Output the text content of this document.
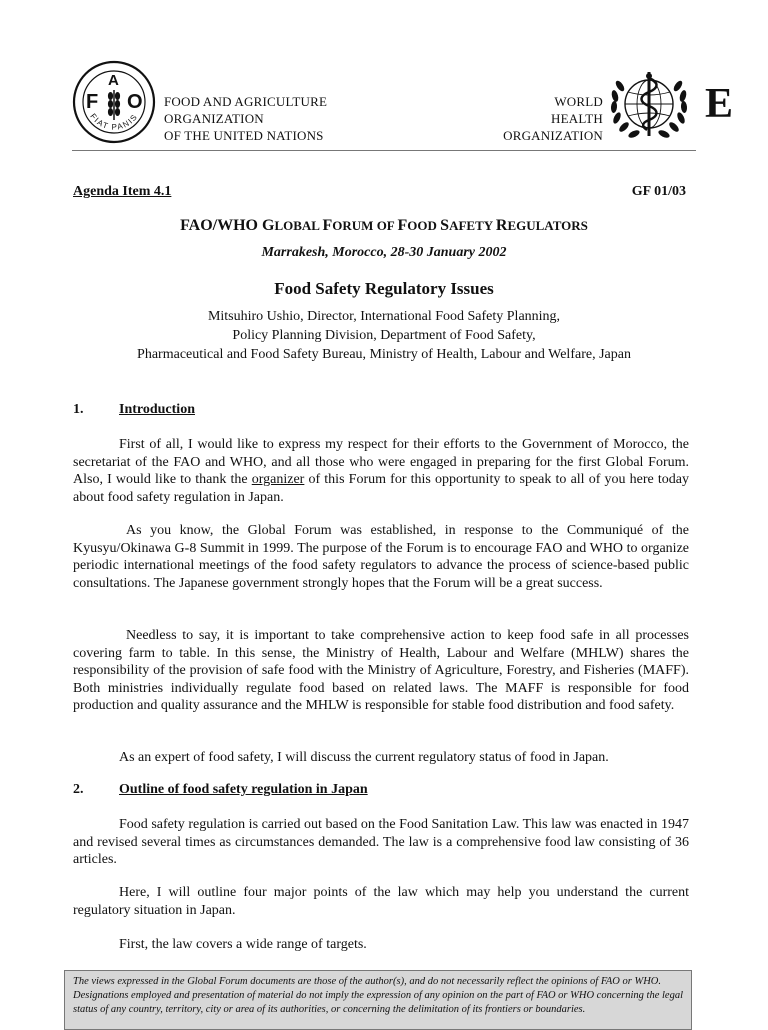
F
A
O
FIAT PANIS
FOOD AND AGRICULTURE
ORGANIZATION
OF THE UNITED NATIONS
WORLD
HEALTH
ORGANIZATION
E
Agenda Item 4.1	GF 01/03
FAO/WHO GLOBAL FORUM OF FOOD SAFETY REGULATORS
Marrakesh, Morocco, 28-30 January 2002
Food Safety Regulatory Issues
Mitsuhiro Ushio, Director, International Food Safety Planning,
Policy Planning Division, Department of Food Safety,
Pharmaceutical and Food Safety Bureau, Ministry of Health, Labour and Welfare, Japan
1.	Introduction

First of all, I would like to express my respect for their efforts to the Government of Morocco, the secretariat of the FAO and WHO, and all those who were engaged in preparing for the first Global Forum. Also, I would like to thank the organizer of this Forum for this opportunity to speak to all of you here today about food safety regulation in Japan.

As you know, the Global Forum was established, in response to the Communiqué of the Kyusyu/Okinawa G-8 Summit in 1999. The purpose of the Forum is to encourage FAO and WHO to organize periodic international meetings of the food safety regulators to advance the process of science-based public consultations. The Japanese government strongly hopes that the Forum will be a great success.

Needless to say, it is important to take comprehensive action to keep food safe in all processes covering farm to table. In this sense, the Ministry of Health, Labour and Welfare (MHLW) shares the responsibility of the provision of safe food with the Ministry of Agriculture, Forestry, and Fisheries (MAFF). Both ministries individually regulate food based on related laws. The MAFF is responsible for food production and quality assurance and the MHLW is responsible for stable food distribution and food safety.

As an expert of food safety, I will discuss the current regulatory status of food in Japan.

2.	Outline of food safety regulation in Japan

Food safety regulation is carried out based on the Food Sanitation Law. This law was enacted in 1947 and revised several times as circumstances demanded. The law is a comprehensive food law consisting of 36 articles.

Here, I will outline four major points of the law which may help you understand the current regulatory situation in Japan.

First, the law covers a wide range of targets.

The views expressed in the Global Forum documents are those of the author(s), and do not necessarily reflect the opinions of FAO or WHO. Designations employed and presentation of material do not imply the expression of any opinion on the part of FAO or WHO concerning the legal status of any country, territory, city or area of its authorities, or concerning the delimitation of its frontiers or boundaries.
